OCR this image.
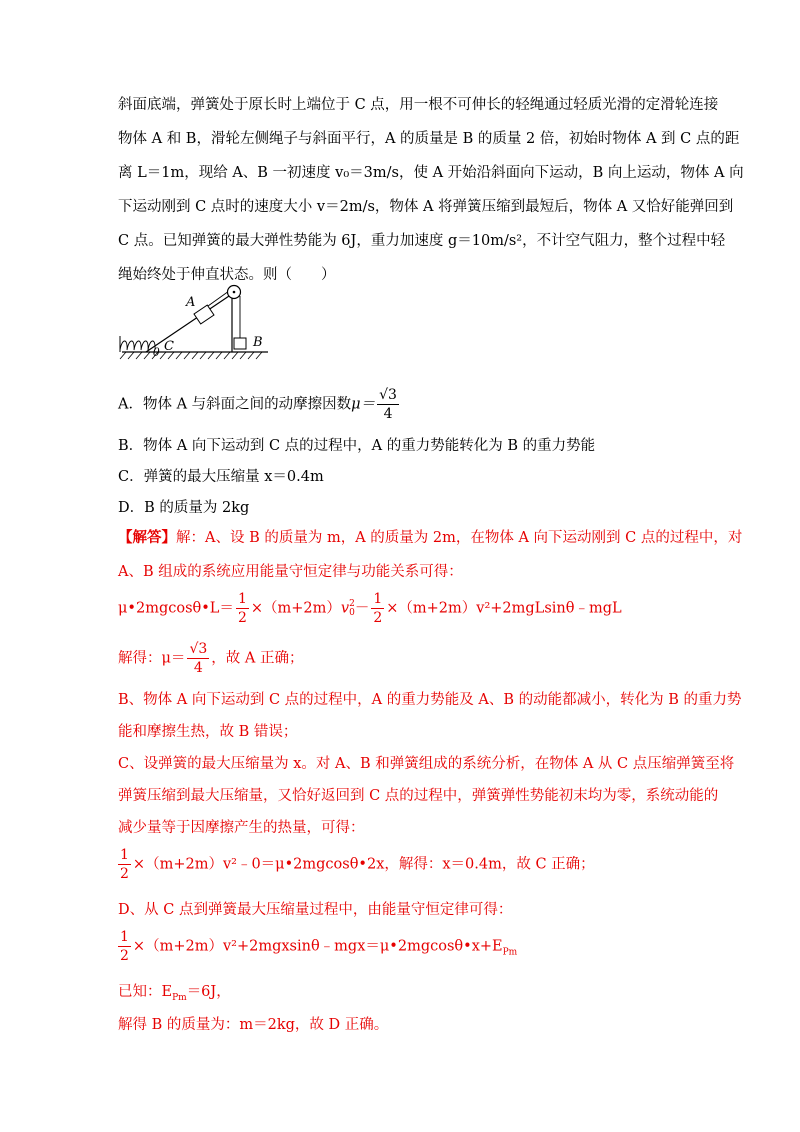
斜面底端，弹簧处于原长时上端位于 C 点，用一根不可伸长的轻绳通过轻质光滑的定滑轮连接
物体 A 和 B，滑轮左侧绳子与斜面平行，A 的质量是 B 的质量 2 倍，初始时物体 A 到 C 点的距
离 L＝1m，现给 A、B 一初速度 v₀＝3m/s，使 A 开始沿斜面向下运动，B 向上运动，物体 A 向
下运动刚到 C 点时的速度大小 v＝2m/s，物体 A 将弹簧压缩到最短后，物体 A 又恰好能弹回到
C 点。已知弹簧的最大弹性势能为 6J，重力加速度 g＝10m/s²，不计空气阻力，整个过程中轻
绳始终处于伸直状态。则（　　）
A
B
C
θ
A．物体 A 与斜面之间的动摩擦因数$\mu= \frac{√3}{4}$
B．物体 A 向下运动到 C 点的过程中，A 的重力势能转化为 B 的重力势能
C．弹簧的最大压缩量 x＝0.4m
D．B 的质量为 2kg
【解答】解：A、设 B 的质量为 m，A 的质量为 2m，在物体 A 向下运动刚到 C 点的过程中，对
A、B 组成的系统应用能量守恒定律与功能关系可得：
μ•2mgcosθ•L＝ $\frac{1}{2} \times(m+2m)v$ 2
$0 - \frac{1}{2}$ ×（m+2m）v²+2mgLsinθ﹣mgL
解得：$\mu= \frac{√3}{4}$ ，故 A 正确；
B、物体 A 向下运动到 C 点的过程中，A 的重力势能及 A、B 的动能都减小，转化为 B 的重力势
能和摩擦生热，故 B 错误；
C、设弹簧的最大压缩量为 x。对 A、B 和弹簧组成的系统分析，在物体 A 从 C 点压缩弹簧至将
弹簧压缩到最大压缩量，又恰好返回到 C 点的过程中，弹簧弹性势能初末均为零，系统动能的
减少量等于因摩擦产生的热量，可得：
$\frac{1}{2}$ ×（m+2m）v²﹣0＝μ•2mgcosθ•2x，解得：x＝0.4m，故 C 正确；
D、从 C 点到弹簧最大压缩量过程中，由能量守恒定律可得：
$\frac{1}{2}$ $\times(m+2m)v^2+2mgxsin\theta﹣mgx=\mu•2mgcos\theta•x+E_{Pm}$
已知：$E_{Pm}=6J$，
解得 B 的质量为：m＝2kg，故 D 正确。
